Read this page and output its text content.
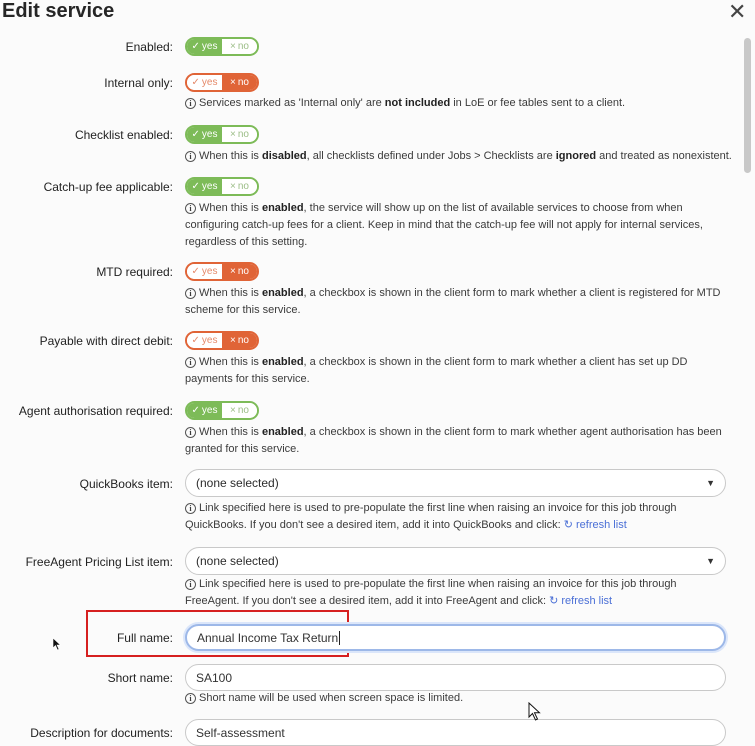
Edit service	✕
Enabled: ✓ yes × no
Internal only: ✓ yes × no
i Services marked as 'Internal only' are not included in LoE or fee tables sent to a client.
Checklist enabled: ✓ yes × no
i When this is disabled, all checklists defined under Jobs > Checklists are ignored and treated as nonexistent.
Catch-up fee applicable: ✓ yes × no
i When this is enabled, the service will show up on the list of available services to choose from when configuring catch-up fees for a client. Keep in mind that the catch-up fee will not apply for internal services, regardless of this setting.
MTD required: ✓ yes × no
i When this is enabled, a checkbox is shown in the client form to mark whether a client is registered for MTD scheme for this service.
Payable with direct debit: ✓ yes × no
i When this is enabled, a checkbox is shown in the client form to mark whether a client has set up DD payments for this service.
Agent authorisation required: ✓ yes × no
i When this is enabled, a checkbox is shown in the client form to mark whether agent authorisation has been granted for this service.
QuickBooks item: (none selected)	▼
i Link specified here is used to pre-populate the first line when raising an invoice for this job through QuickBooks. If you don't see a desired item, add it into QuickBooks and click: ↻ refresh list
FreeAgent Pricing List item: (none selected)	▼
i Link specified here is used to pre-populate the first line when raising an invoice for this job through FreeAgent. If you don't see a desired item, add it into FreeAgent and click: ↻ refresh list
Full name: Annual Income Tax Return
Short name: SA100
i Short name will be used when screen space is limited.
Description for documents: Self-assessment
